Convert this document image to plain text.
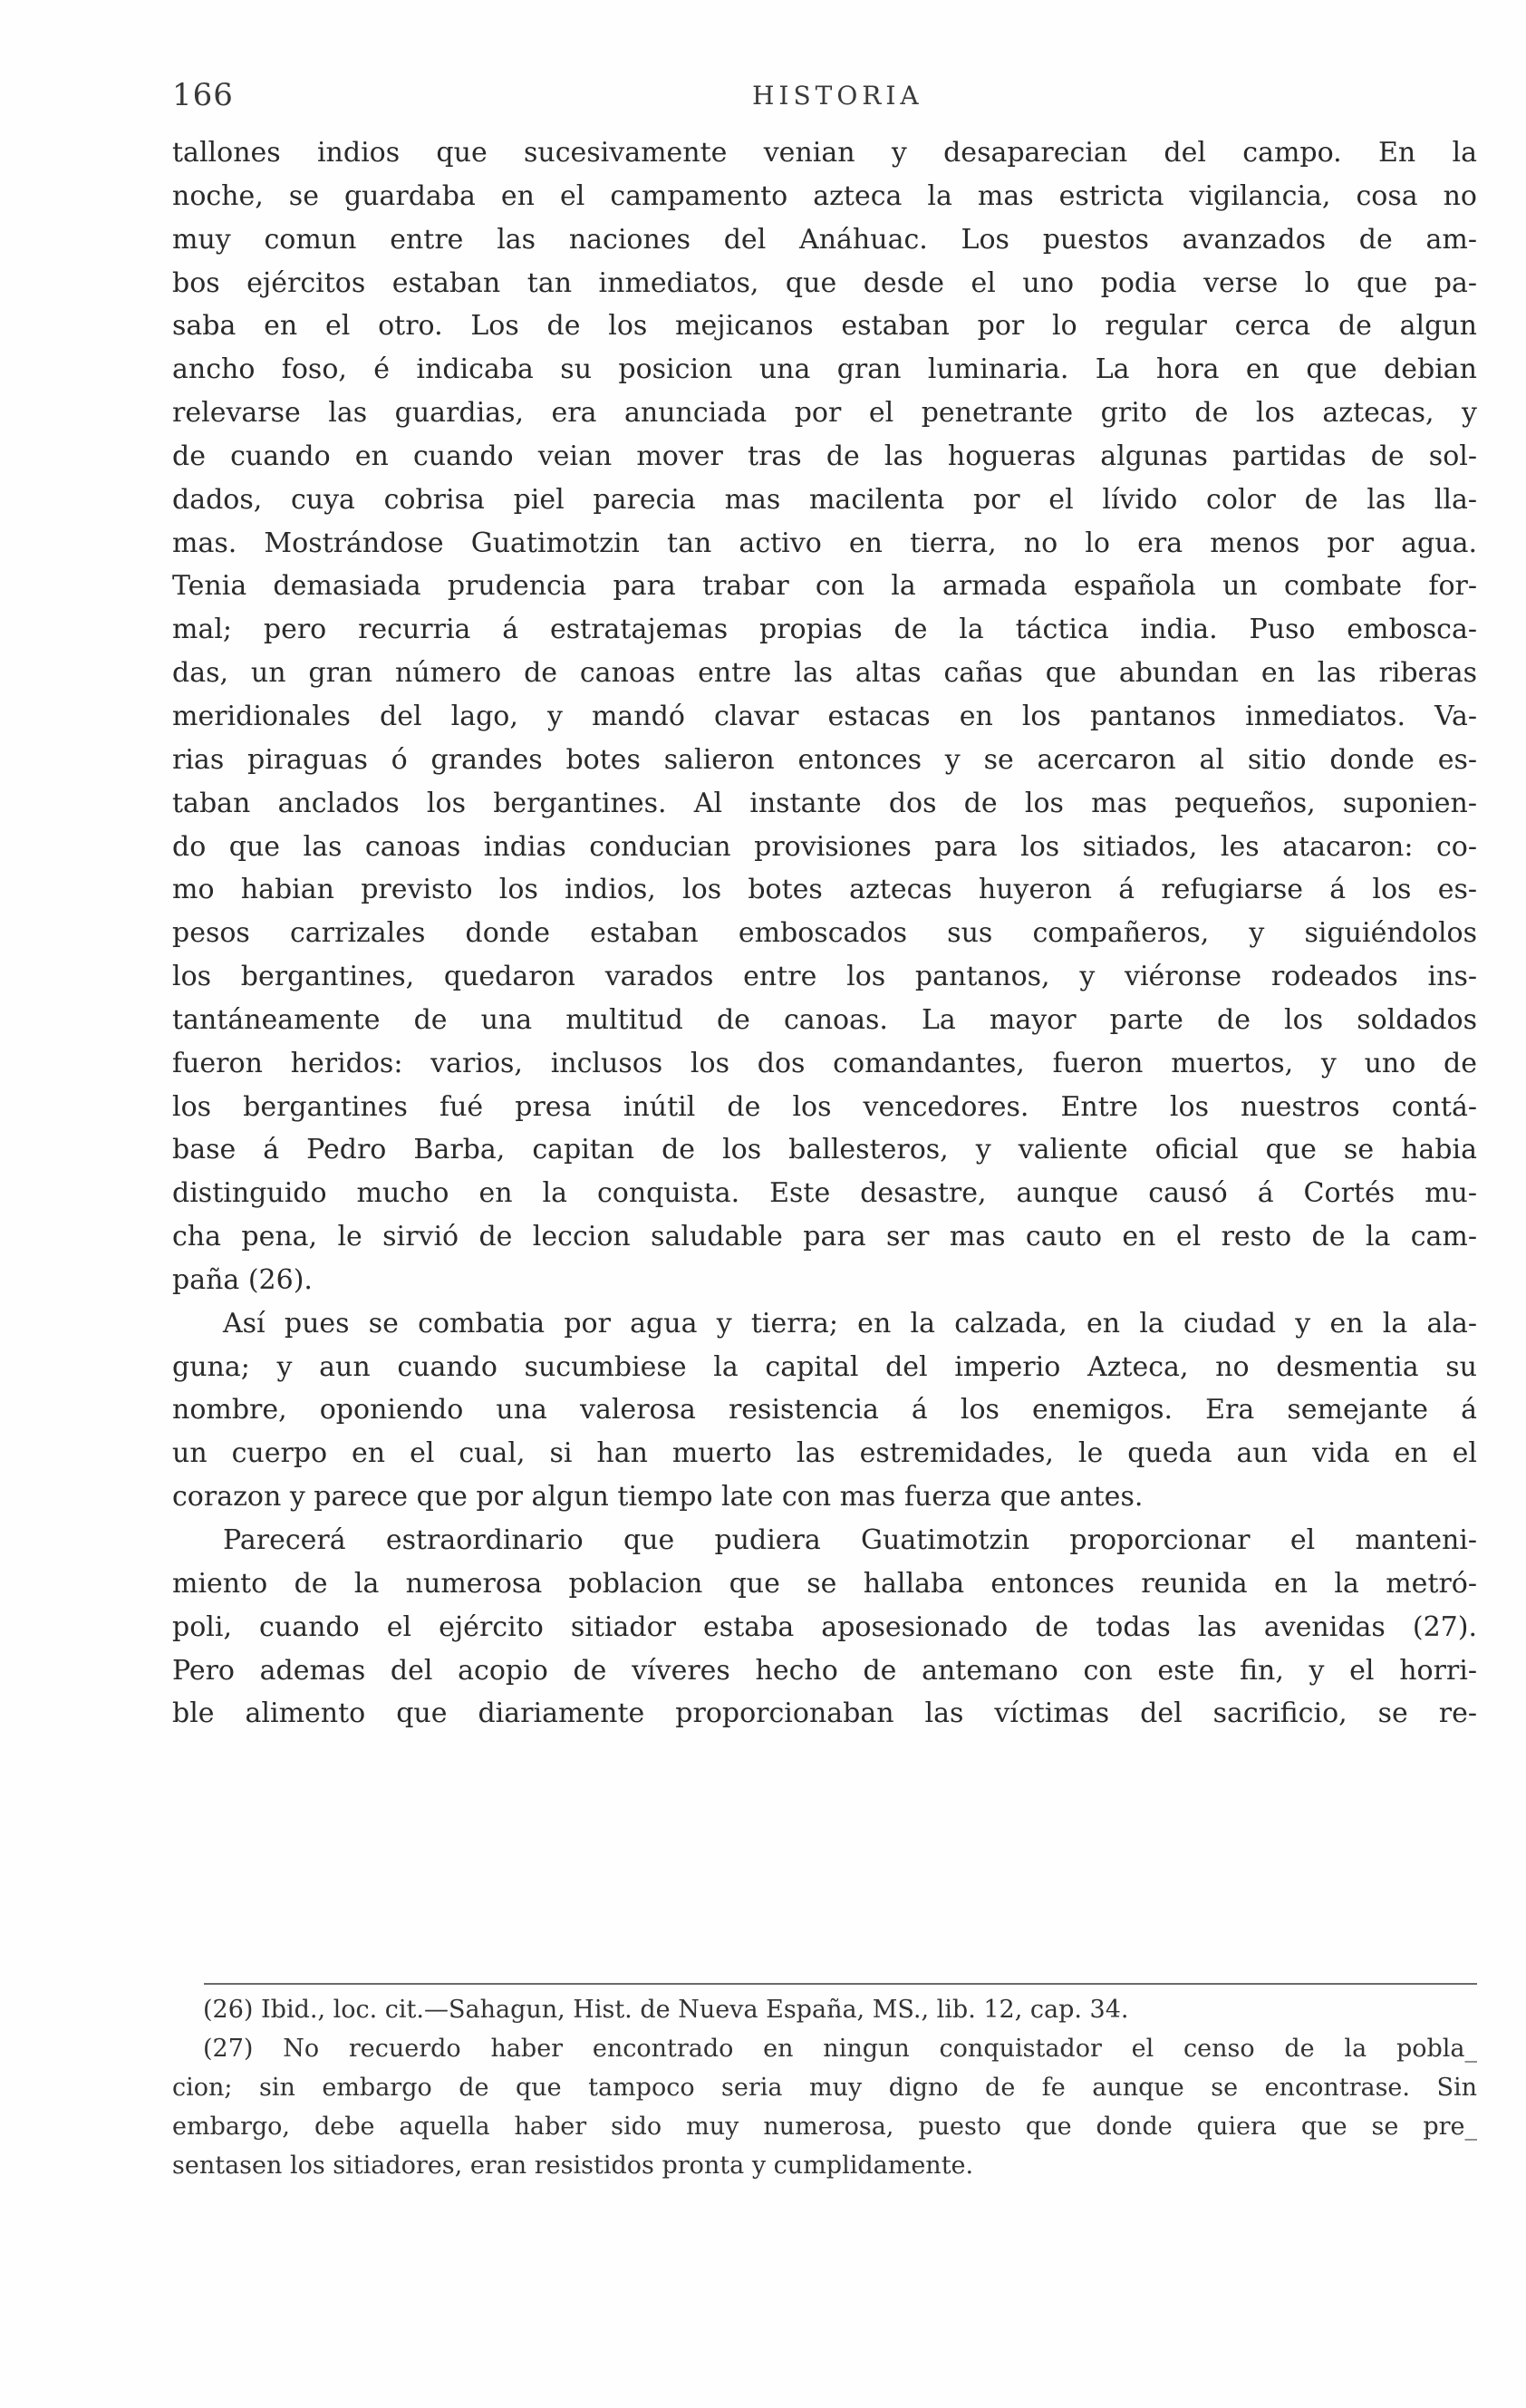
166	HISTORIA

tallones indios que sucesivamente venian y desaparecian del campo. En la
noche, se guardaba en el campamento azteca la mas estricta vigilancia, cosa no
muy comun entre las naciones del Anáhuac. Los puestos avanzados de am-
bos ejércitos estaban tan inmediatos, que desde el uno podia verse lo que pa-
saba en el otro. Los de los mejicanos estaban por lo regular cerca de algun
ancho foso, é indicaba su posicion una gran luminaria. La hora en que debian
relevarse las guardias, era anunciada por el penetrante grito de los aztecas, y
de cuando en cuando veian mover tras de las hogueras algunas partidas de sol-
dados, cuya cobrisa piel parecia mas macilenta por el lívido color de las lla-
mas. Mostrándose Guatimotzin tan activo en tierra, no lo era menos por agua.
Tenia demasiada prudencia para trabar con la armada española un combate for-
mal; pero recurria á estratajemas propias de la táctica india. Puso embosca-
das, un gran número de canoas entre las altas cañas que abundan en las riberas
meridionales del lago, y mandó clavar estacas en los pantanos inmediatos. Va-
rias piraguas ó grandes botes salieron entonces y se acercaron al sitio donde es-
taban anclados los bergantines. Al instante dos de los mas pequeños, suponien-
do que las canoas indias conducian provisiones para los sitiados, les atacaron: co-
mo habian previsto los indios, los botes aztecas huyeron á refugiarse á los es-
pesos carrizales donde estaban emboscados sus compañeros, y siguiéndolos
los bergantines, quedaron varados entre los pantanos, y viéronse rodeados ins-
tantáneamente de una multitud de canoas. La mayor parte de los soldados
fueron heridos: varios, inclusos los dos comandantes, fueron muertos, y uno de
los bergantines fué presa inútil de los vencedores. Entre los nuestros contá-
base á Pedro Barba, capitan de los ballesteros, y valiente oficial que se habia
distinguido mucho en la conquista. Este desastre, aunque causó á Cortés mu-
cha pena, le sirvió de leccion saludable para ser mas cauto en el resto de la cam-
paña (26).

Así pues se combatia por agua y tierra; en la calzada, en la ciudad y en la ala-
guna; y aun cuando sucumbiese la capital del imperio Azteca, no desmentia su
nombre, oponiendo una valerosa resistencia á los enemigos. Era semejante á
un cuerpo en el cual, si han muerto las estremidades, le queda aun vida en el
corazon y parece que por algun tiempo late con mas fuerza que antes.

Parecerá estraordinario que pudiera Guatimotzin proporcionar el manteni-
miento de la numerosa poblacion que se hallaba entonces reunida en la metró-
poli, cuando el ejército sitiador estaba aposesionado de todas las avenidas (27).
Pero ademas del acopio de víveres hecho de antemano con este fin, y el horri-
ble alimento que diariamente proporcionaban las víctimas del sacrificio, se re-

(26) Ibid., loc. cit.—Sahagun, Hist. de Nueva España, MS., lib. 12, cap. 34.
(27) No recuerdo haber encontrado en ningun conquistador el censo de la pobla_
cion; sin embargo de que tampoco seria muy digno de fe aunque se encontrase. Sin
embargo, debe aquella haber sido muy numerosa, puesto que donde quiera que se pre_
sentasen los sitiadores, eran resistidos pronta y cumplidamente.
